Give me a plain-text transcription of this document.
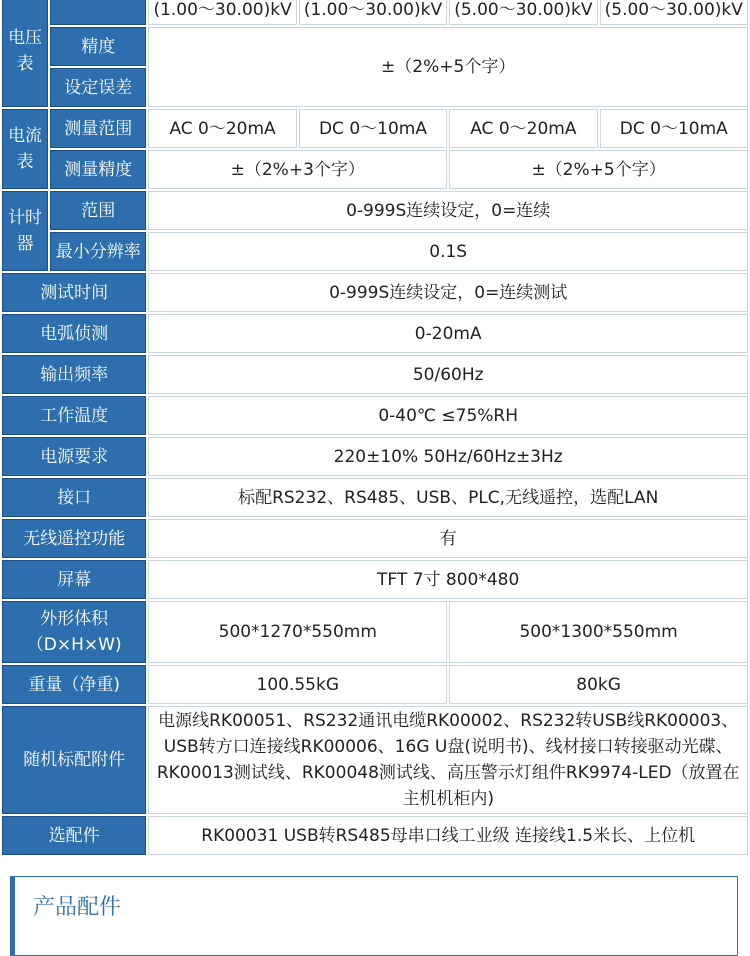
电压表		(1.00～30.00)kV	(1.00～30.00)kV	(5.00～30.00)kV	(5.00～30.00)kV
	精度	±（2%+5个字）			
	设定误差				
电流表	测量范围	AC 0～20mA	DC 0～10mA	AC 0～20mA	DC 0～10mA
	测量精度	±（2%+3个字）		±（2%+5个字）	
计时器	范围	0-999S连续设定，0=连续			
	最小分辨率	0.1S			
测试时间		0-999S连续设定，0=连续测试			
电弧侦测		0-20mA			
输出频率		50/60Hz			
工作温度		0-40℃ ≤75%RH			
电源要求		220±10% 50Hz/60Hz±3Hz			
接口		标配RS232、RS485、USB、PLC,无线遥控，选配LAN			
无线遥控功能		有			
屏幕		TFT 7寸 800*480			
外形体积（D×H×W)		500*1270*550mm		500*1300*550mm	
重量（净重)		100.55kG		80kG	
随机标配附件		电源线RK00051、RS232通讯电缆RK00002、RS232转USB线RK00003、USB转方口连接线RK00006、16G U盘(说明书)、线材接口转接驱动光碟、RK00013测试线、RK00048测试线、高压警示灯组件RK9974-LED（放置在主机机柜内)			
选配件		RK00031 USB转RS485母串口线工业级 连接线1.5米长、上位机			
产品配件
